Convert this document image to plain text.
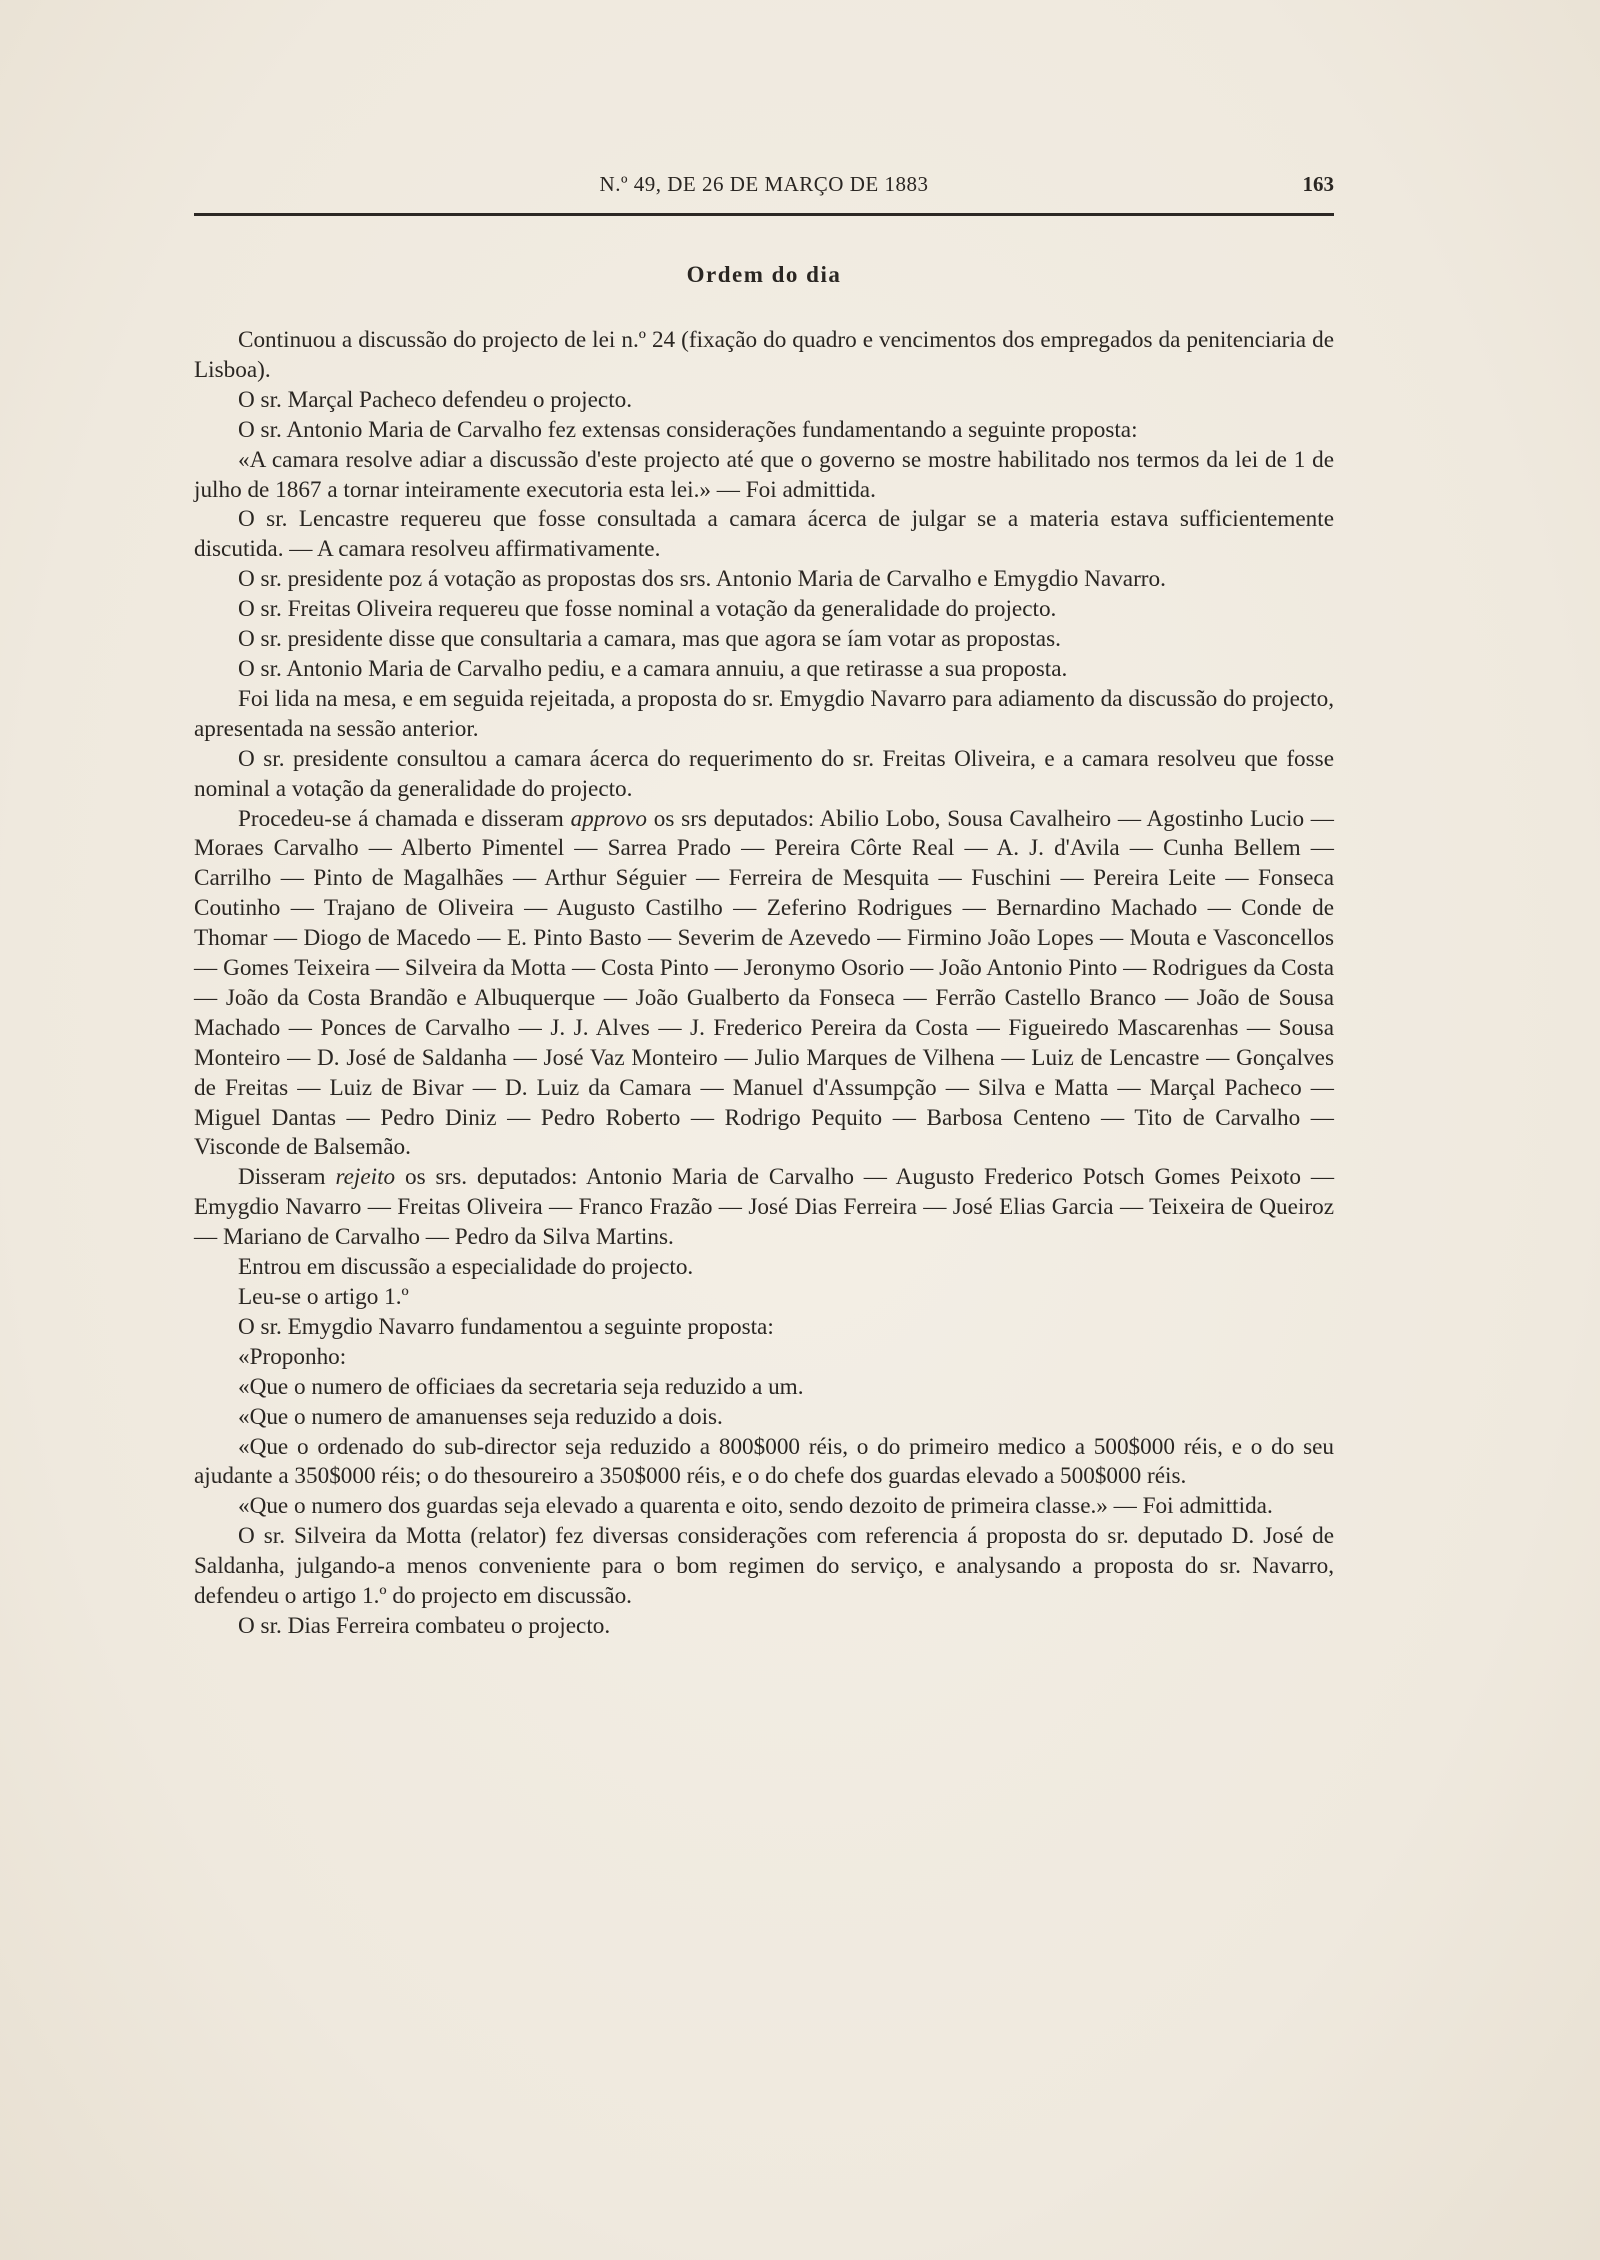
N.º 49, DE 26 DE MARÇO DE 1883	163
Ordem do dia

Continuou a discussão do projecto de lei n.º 24 (fixação do quadro e vencimentos dos empregados da penitenciaria de Lisboa).

O sr. Marçal Pacheco defendeu o projecto.

O sr. Antonio Maria de Carvalho fez extensas considerações fundamentando a seguinte proposta:

«A camara resolve adiar a discussão d'este projecto até que o governo se mostre habilitado nos termos da lei de 1 de julho de 1867 a tornar inteiramente executoria esta lei.» — Foi admittida.

O sr. Lencastre requereu que fosse consultada a camara ácerca de julgar se a materia estava sufficientemente discutida. — A camara resolveu affirmativamente.

O sr. presidente poz á votação as propostas dos srs. Antonio Maria de Carvalho e Emygdio Navarro.

O sr. Freitas Oliveira requereu que fosse nominal a votação da generalidade do projecto.

O sr. presidente disse que consultaria a camara, mas que agora se íam votar as propostas.

O sr. Antonio Maria de Carvalho pediu, e a camara annuiu, a que retirasse a sua proposta.

Foi lida na mesa, e em seguida rejeitada, a proposta do sr. Emygdio Navarro para adiamento da discussão do projecto, apresentada na sessão anterior.

O sr. presidente consultou a camara ácerca do requerimento do sr. Freitas Oliveira, e a camara resolveu que fosse nominal a votação da generalidade do projecto.

Procedeu-se á chamada e disseram approvo os srs deputados: Abilio Lobo, Sousa Cavalheiro — Agostinho Lucio — Moraes Carvalho — Alberto Pimentel — Sarrea Prado — Pereira Côrte Real — A. J. d'Avila — Cunha Bellem — Carrilho — Pinto de Magalhães — Arthur Séguier — Ferreira de Mesquita — Fuschini — Pereira Leite — Fonseca Coutinho — Trajano de Oliveira — Augusto Castilho — Zeferino Rodrigues — Bernardino Machado — Conde de Thomar — Diogo de Macedo — E. Pinto Basto — Severim de Azevedo — Firmino João Lopes — Mouta e Vasconcellos — Gomes Teixeira — Silveira da Motta — Costa Pinto — Jeronymo Osorio — João Antonio Pinto — Rodrigues da Costa — João da Costa Brandão e Albuquerque — João Gualberto da Fonseca — Ferrão Castello Branco — João de Sousa Machado — Ponces de Carvalho — J. J. Alves — J. Frederico Pereira da Costa — Figueiredo Mascarenhas — Sousa Monteiro — D. José de Saldanha — José Vaz Monteiro — Julio Marques de Vilhena — Luiz de Lencastre — Gonçalves de Freitas — Luiz de Bivar — D. Luiz da Camara — Manuel d'Assumpção — Silva e Matta — Marçal Pacheco — Miguel Dantas — Pedro Diniz — Pedro Roberto — Rodrigo Pequito — Barbosa Centeno — Tito de Carvalho — Visconde de Balsemão.

Disseram rejeito os srs. deputados: Antonio Maria de Carvalho — Augusto Frederico Potsch Gomes Peixoto — Emygdio Navarro — Freitas Oliveira — Franco Frazão — José Dias Ferreira — José Elias Garcia — Teixeira de Queiroz — Mariano de Carvalho — Pedro da Silva Martins.

Entrou em discussão a especialidade do projecto.

Leu-se o artigo 1.º

O sr. Emygdio Navarro fundamentou a seguinte proposta:

«Proponho:

«Que o numero de officiaes da secretaria seja reduzido a um.

«Que o numero de amanuenses seja reduzido a dois.

«Que o ordenado do sub-director seja reduzido a 800$000 réis, o do primeiro medico a 500$000 réis, e o do seu ajudante a 350$000 réis; o do thesoureiro a 350$000 réis, e o do chefe dos guardas elevado a 500$000 réis.

«Que o numero dos guardas seja elevado a quarenta e oito, sendo dezoito de primeira classe.» — Foi admittida.

O sr. Silveira da Motta (relator) fez diversas considerações com referencia á proposta do sr. deputado D. José de Saldanha, julgando-a menos conveniente para o bom regimen do serviço, e analysando a proposta do sr. Navarro, defendeu o artigo 1.º do projecto em discussão.

O sr. Dias Ferreira combateu o projecto.
